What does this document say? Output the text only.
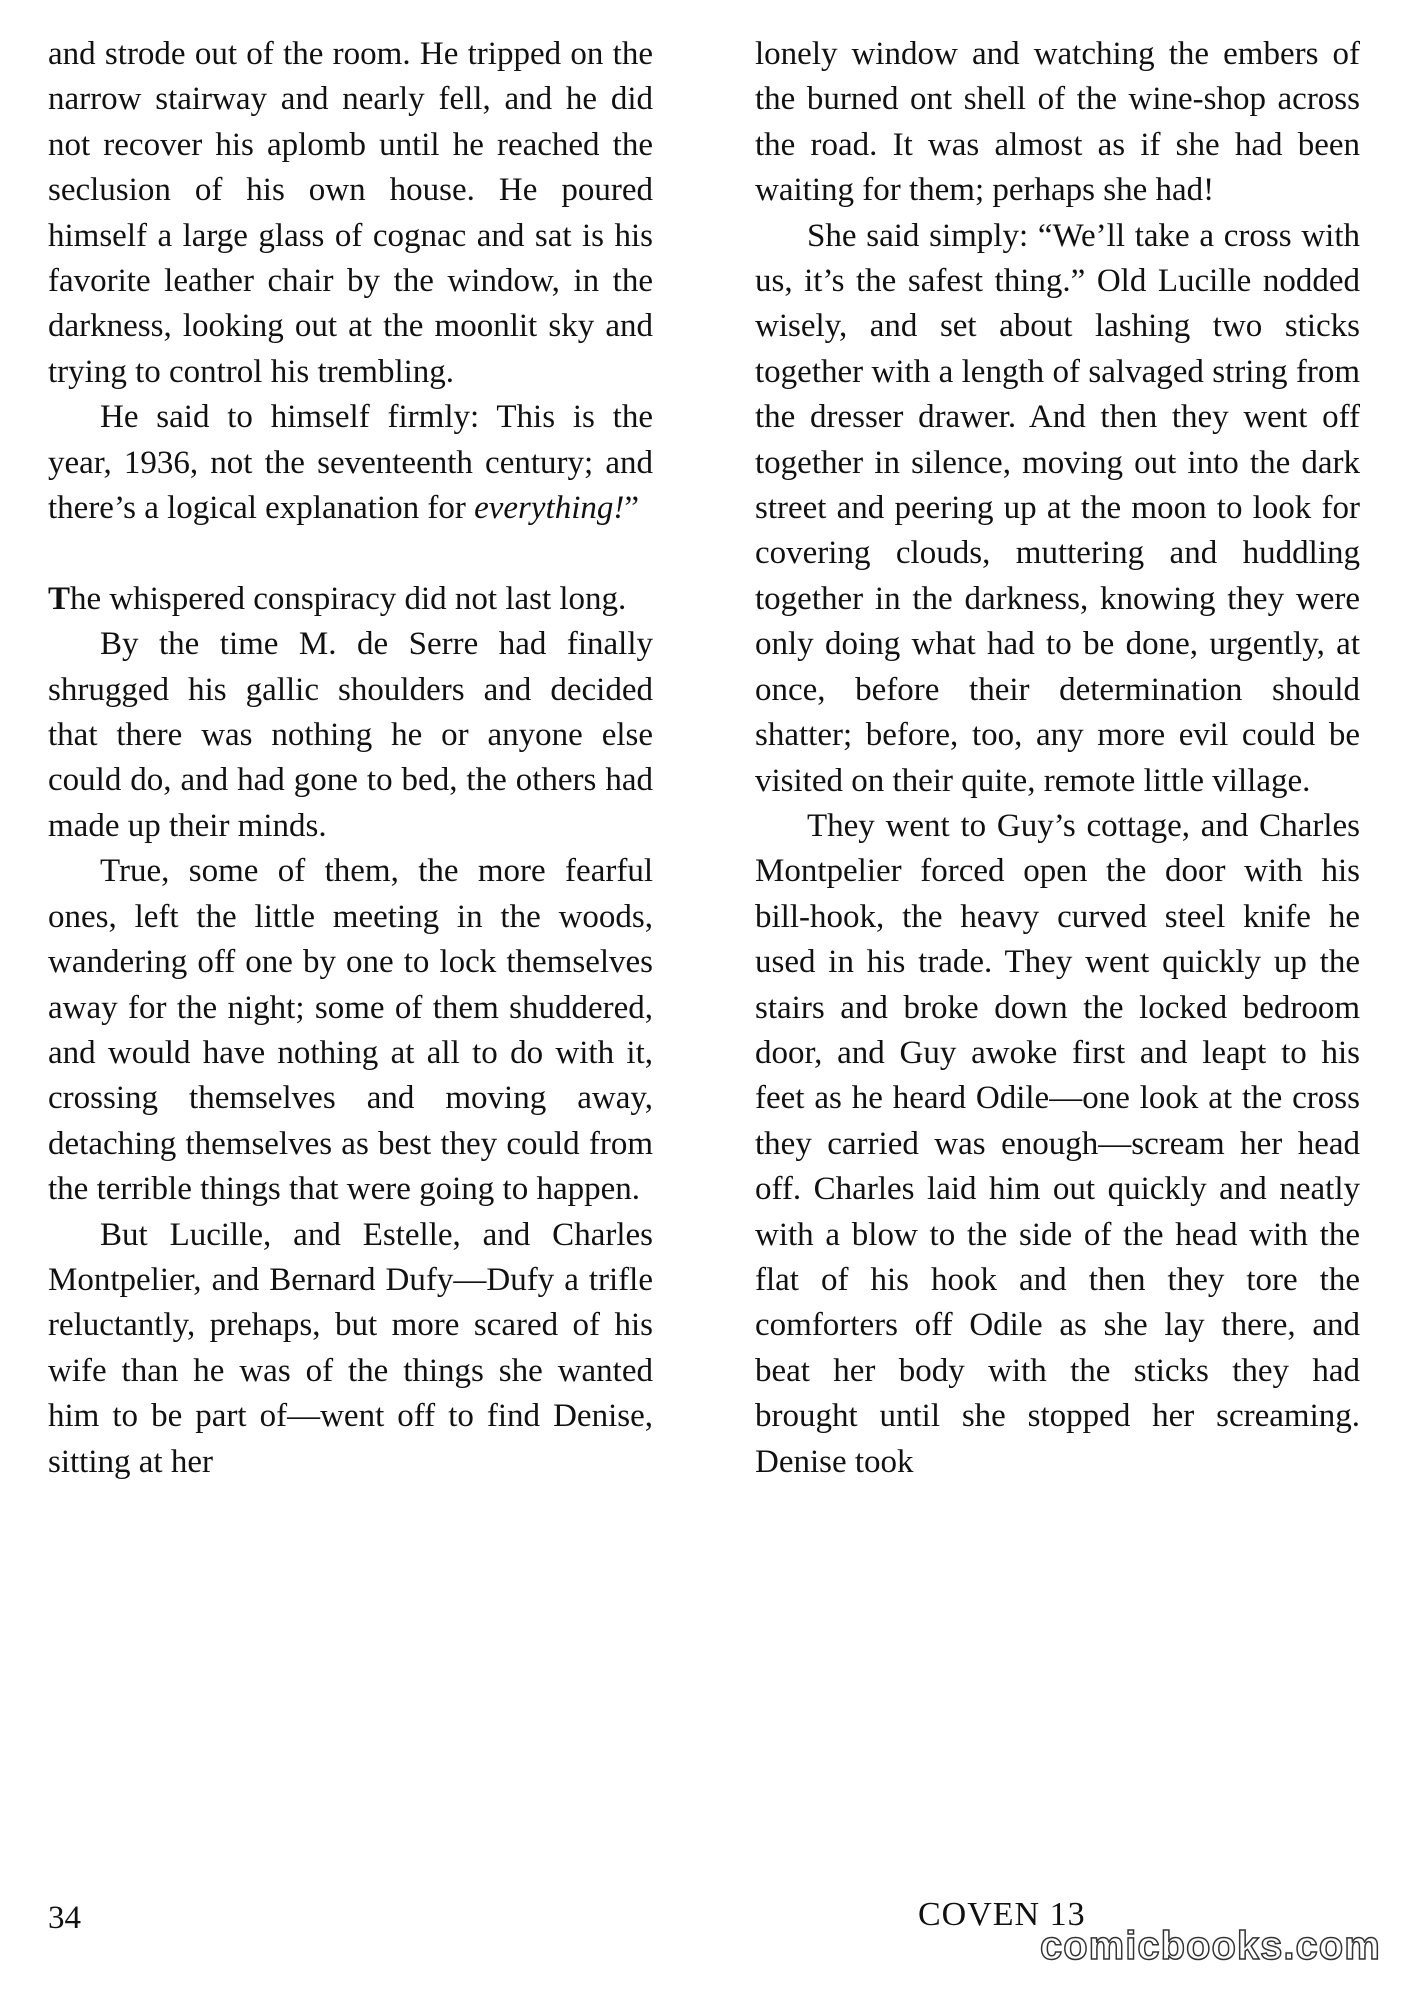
and strode out of the room. He tripped on the narrow stairway and nearly fell, and he did not recover his aplomb until he reached the seclusion of his own house. He poured himself a large glass of cognac and sat is his favorite leather chair by the window, in the darkness, looking out at the moonlit sky and trying to control his trembling.

He said to himself firmly: This is the year, 1936, not the seventeenth century; and there’s a logical explanation for everything!”

The whispered conspiracy did not last long.

By the time M. de Serre had finally shrugged his gallic shoulders and decided that there was nothing he or anyone else could do, and had gone to bed, the others had made up their minds.

True, some of them, the more fearful ones, left the little meeting in the woods, wandering off one by one to lock themselves away for the night; some of them shuddered, and would have nothing at all to do with it, crossing themselves and moving away, detaching themselves as best they could from the terrible things that were going to happen.

But Lucille, and Estelle, and Charles Montpelier, and Bernard Dufy—Dufy a trifle reluctantly, prehaps, but more scared of his wife than he was of the things she wanted him to be part of—went off to find Denise, sitting at her

lonely window and watching the embers of the burned ont shell of the wine-shop across the road. It was almost as if she had been waiting for them; perhaps she had!

She said simply: “We’ll take a cross with us, it’s the safest thing.” Old Lucille nodded wisely, and set about lashing two sticks together with a length of salvaged string from the dresser drawer. And then they went off together in silence, moving out into the dark street and peering up at the moon to look for covering clouds, muttering and huddling together in the darkness, knowing they were only doing what had to be done, urgently, at once, before their determination should shatter; before, too, any more evil could be visited on their quite, remote little village.

They went to Guy’s cottage, and Charles Montpelier forced open the door with his bill-hook, the heavy curved steel knife he used in his trade. They went quickly up the stairs and broke down the locked bedroom door, and Guy awoke first and leapt to his feet as he heard Odile—one look at the cross they carried was enough—scream her head off. Charles laid him out quickly and neatly with a blow to the side of the head with the flat of his hook and then they tore the comforters off Odile as she lay there, and beat her body with the sticks they had brought until she stopped her screaming. Denise took

34	COVEN 13
comicbooks.com
